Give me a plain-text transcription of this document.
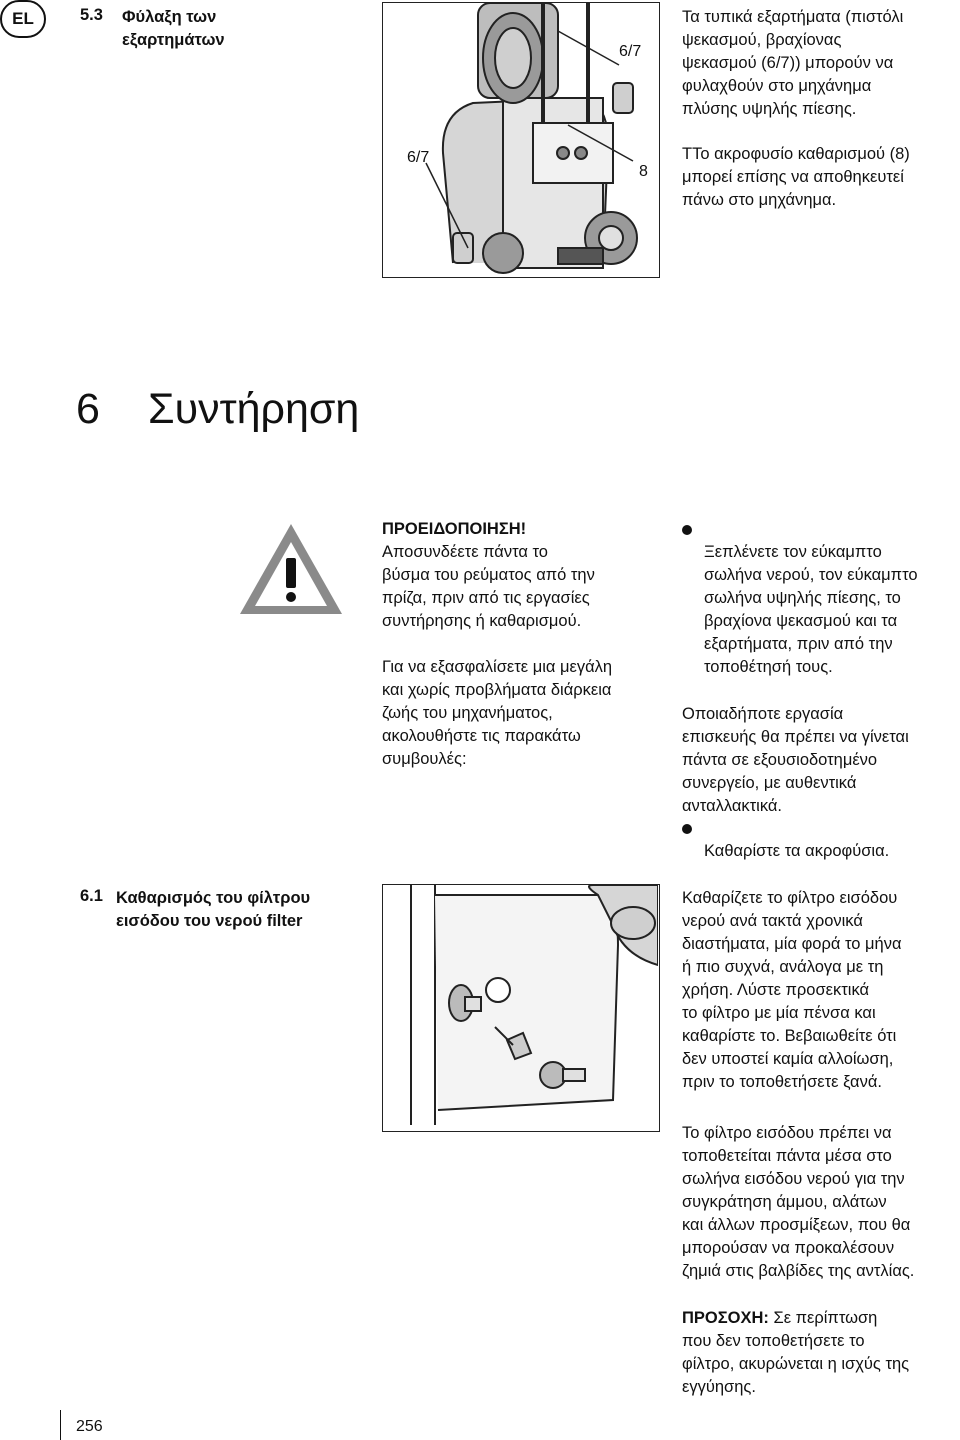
EL	5.3 Φύλαξη των
εξαρτημάτων
6/7
6/7
8
Τα τυπικά εξαρτήματα (πιστόλι
ψεκασμού, βραχίονας
ψεκασμού (6/7)) μπορούν να
φυλαχθούν στο μηχάνημα
πλύσης υψηλής πίεσης.
ΤΤο ακροφυσίο καθαρισμού (8)
μπορεί επίσης να αποθηκευτεί
πάνω στο μηχάνημα.
6 Συντήρηση
ΠΡΟΕΙΔΟΠΟΙΗΣΗ!
Αποσυνδέετε πάντα το
βύσμα του ρεύματος από την
πρίζα, πριν από τις εργασίες
συντήρησης ή καθαρισμού.
Για να εξασφαλίσετε μια μεγάλη
και χωρίς προβλήματα διάρκεια
ζωής του μηχανήματος,
ακολουθήστε τις παρακάτω
συμβουλές:

Ξεπλένετε τον εύκαμπτο
σωλήνα νερού, τον εύκαμπτο
σωλήνα υψηλής πίεσης, το
βραχίονα ψεκασμού και τα
εξαρτήματα, πριν από την
τοποθέτησή τους.

Καθαρίστε τα ακροφύσια.

Οποιαδήποτε εργασία
επισκευής θα πρέπει να γίνεται
πάντα σε εξουσιοδοτημένο
συνεργείο, με αυθεντικά
ανταλλακτικά.
6.1 Καθαρισμός του φίλτρου
εισόδου του νερού filter
Καθαρίζετε το φίλτρο εισόδου
νερού ανά τακτά χρονικά
διαστήματα, μία φορά το μήνα
ή πιο συχνά, ανάλογα με τη
χρήση. Λύστε προσεκτικά
το φίλτρο με μία πένσα και
καθαρίστε το. Βεβαιωθείτε ότι
δεν υποστεί καμία αλλοίωση,
πριν το τοποθετήσετε ξανά.
Το φίλτρο εισόδου πρέπει να
τοποθετείται πάντα μέσα στο
σωλήνα εισόδου νερού για την
συγκράτηση άμμου, αλάτων
και άλλων προσμίξεων, που θα
μπορούσαν να προκαλέσουν
ζημιά στις βαλβίδες της αντλίας.
ΠΡΟΣΟΧΗ: Σε περίπτωση
που δεν τοποθετήσετε το
φίλτρο, ακυρώνεται η ισχύς της
εγγύησης.
256
